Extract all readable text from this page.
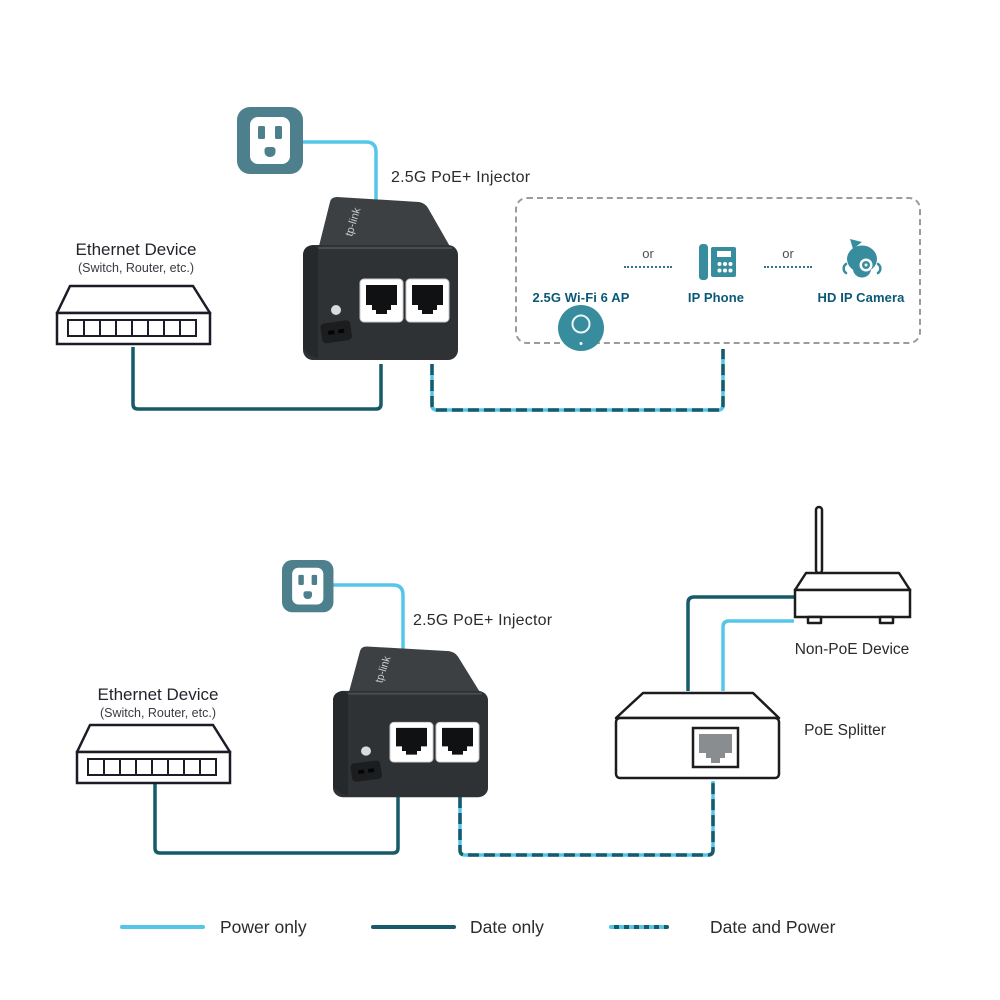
2.5G PoE+ Injector
tp-link
Ethernet Device
(Switch, Router, etc.)
2.5G Wi-Fi 6 AP
or
IP Phone
or
HD IP Camera
2.5G PoE+ Injector
tp-link
Ethernet Device
(Switch, Router, etc.)
Non-PoE Device
PoE Splitter
Power only	Date only	Date and Power
